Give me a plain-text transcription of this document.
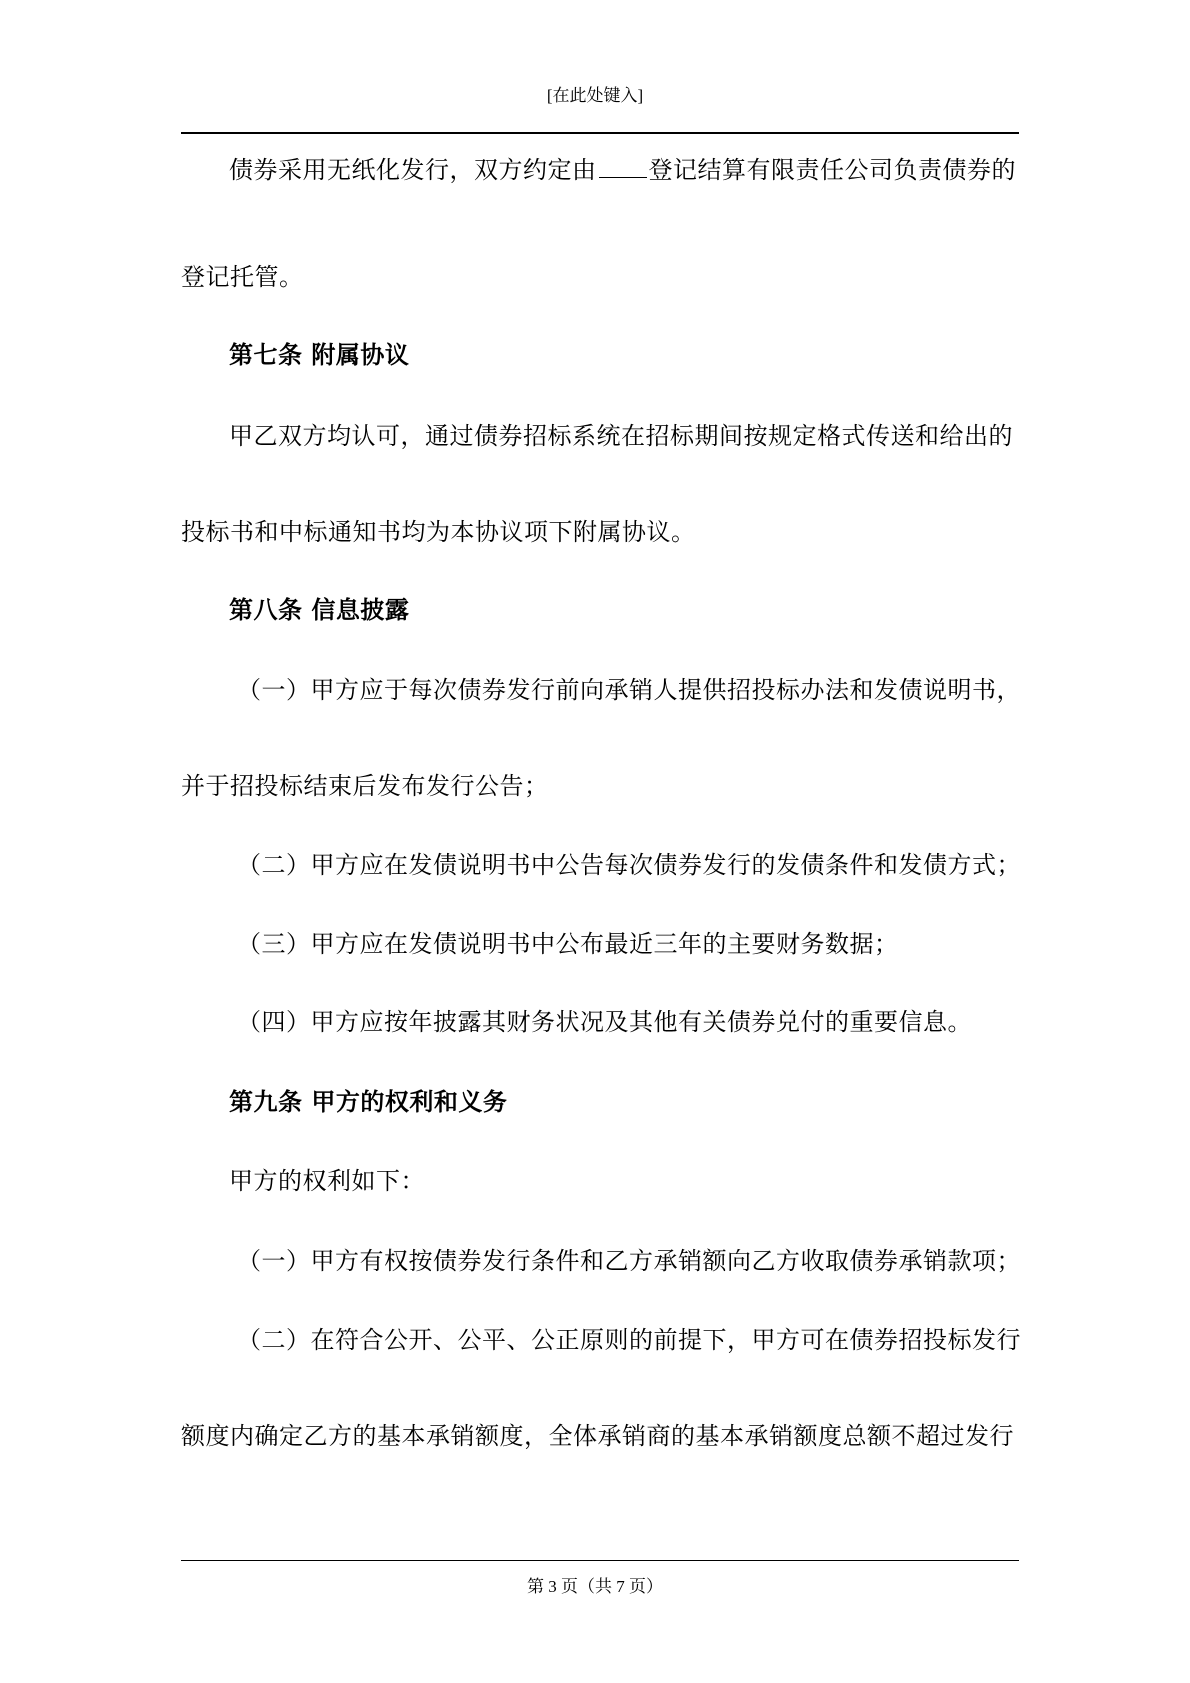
[在此处键入]
债券采用无纸化发行，双方约定由 登记结算有限责任公司负责债券的
登记托管。
第七条 附属协议
甲乙双方均认可，通过债券招标系统在招标期间按规定格式传送和给出的
投标书和中标通知书均为本协议项下附属协议。
第八条 信息披露
（一）甲方应于每次债券发行前向承销人提供招投标办法和发债说明书，
并于招投标结束后发布发行公告；
（二）甲方应在发债说明书中公告每次债券发行的发债条件和发债方式；
（三）甲方应在发债说明书中公布最近三年的主要财务数据；
（四）甲方应按年披露其财务状况及其他有关债券兑付的重要信息。
第九条 甲方的权利和义务
甲方的权利如下：
（一）甲方有权按债券发行条件和乙方承销额向乙方收取债券承销款项；
（二）在符合公开、公平、公正原则的前提下，甲方可在债券招投标发行
额度内确定乙方的基本承销额度，全体承销商的基本承销额度总额不超过发行
第 3 页（共 7 页）
